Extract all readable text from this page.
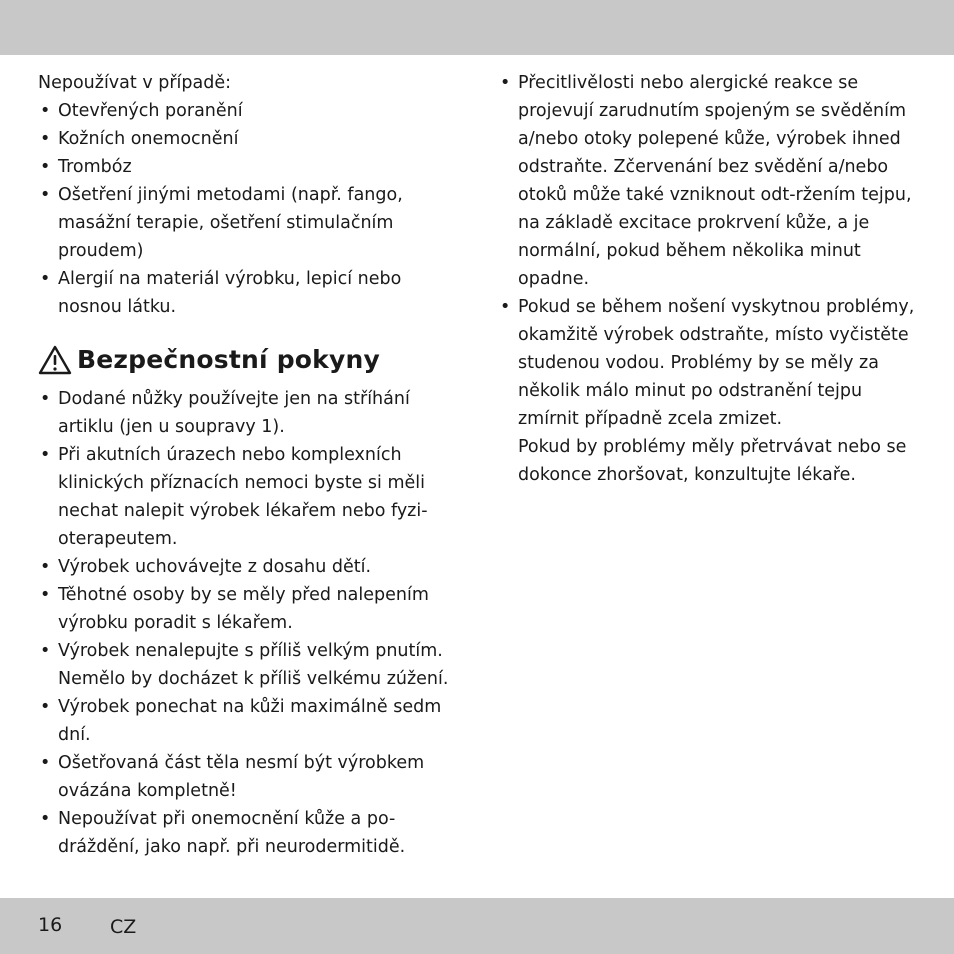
Nepoužívat v případě:

• Otevřených poranění
• Kožních onemocnění
• Trombóz
• Ošetření jinými metodami (např. fango, masážní terapie, ošetření stimulačním proudem)
• Alergií na materiál výrobku, lepicí nebo nosnou látku.
Bezpečnostní pokyny
• Dodané nůžky používejte jen na stříhání artiklu (jen u soupravy 1).
• Při akutních úrazech nebo komplexních klinických příznacích nemoci byste si měli nechat nalepit výrobek lékařem nebo fyzi-oterapeutem.
• Výrobek uchovávejte z dosahu dětí.
• Těhotné osoby by se měly před nalepením výrobku poradit s lékařem.
• Výrobek nenalepujte s příliš velkým pnutím. Nemělo by docházet k příliš velkému zúžení.
• Výrobek ponechat na kůži maximálně sedm dní.
• Ošetřovaná část těla nesmí být výrobkem ovázána kompletně!
• Nepoužívat při onemocnění kůže a po-dráždění, jako např. při neurodermitidě.
• Přecitlivělosti nebo alergické reakce se projevují zarudnutím spojeným se svěděním a/nebo otoky polepené kůže, výrobek ihned odstraňte. Zčervenání bez svědění a/nebo otoků může také vzniknout odt-ržením tejpu, na základě excitace prokrvení kůže, a je normální, pokud během několika minut opadne.
• Pokud se během nošení vyskytnou problémy, okamžitě výrobek odstraňte, místo vyčistěte studenou vodou. Problémy by se měly za několik málo minut po odstranění tejpu zmírnit případně zcela zmizet.

Pokud by problémy měly přetrvávat nebo se dokonce zhoršovat, konzultujte lékaře.

16	CZ
